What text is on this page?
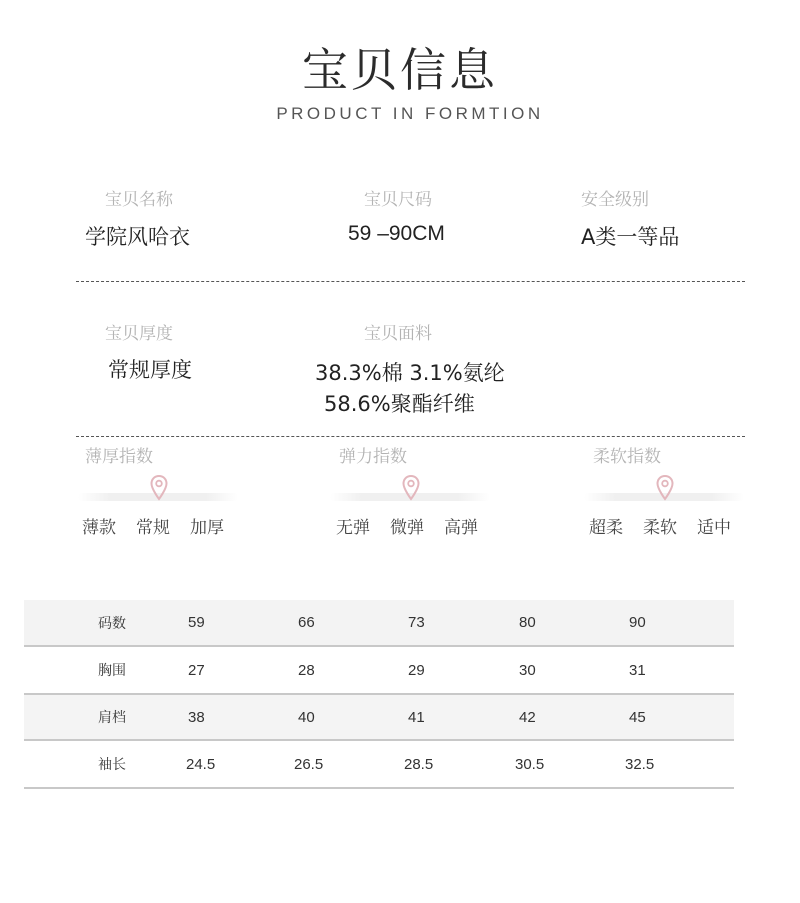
宝贝信息
PRODUCT IN FORMTION
宝贝名称
学院风哈衣
宝贝尺码
59 –90CM
安全级别
A类一等品
宝贝厚度
常规厚度
宝贝面料
38.3%棉 3.1%氨纶
58.6%聚酯纤维
薄厚指数
薄款 常规 加厚
弹力指数
无弹 微弹 高弹
柔软指数
超柔 柔软 适中
码数	59	66	73	80	90
胸围	27	28	29	30	31
肩档	38	40	41	42	45
袖长	24.5	26.5	28.5	30.5	32.5
